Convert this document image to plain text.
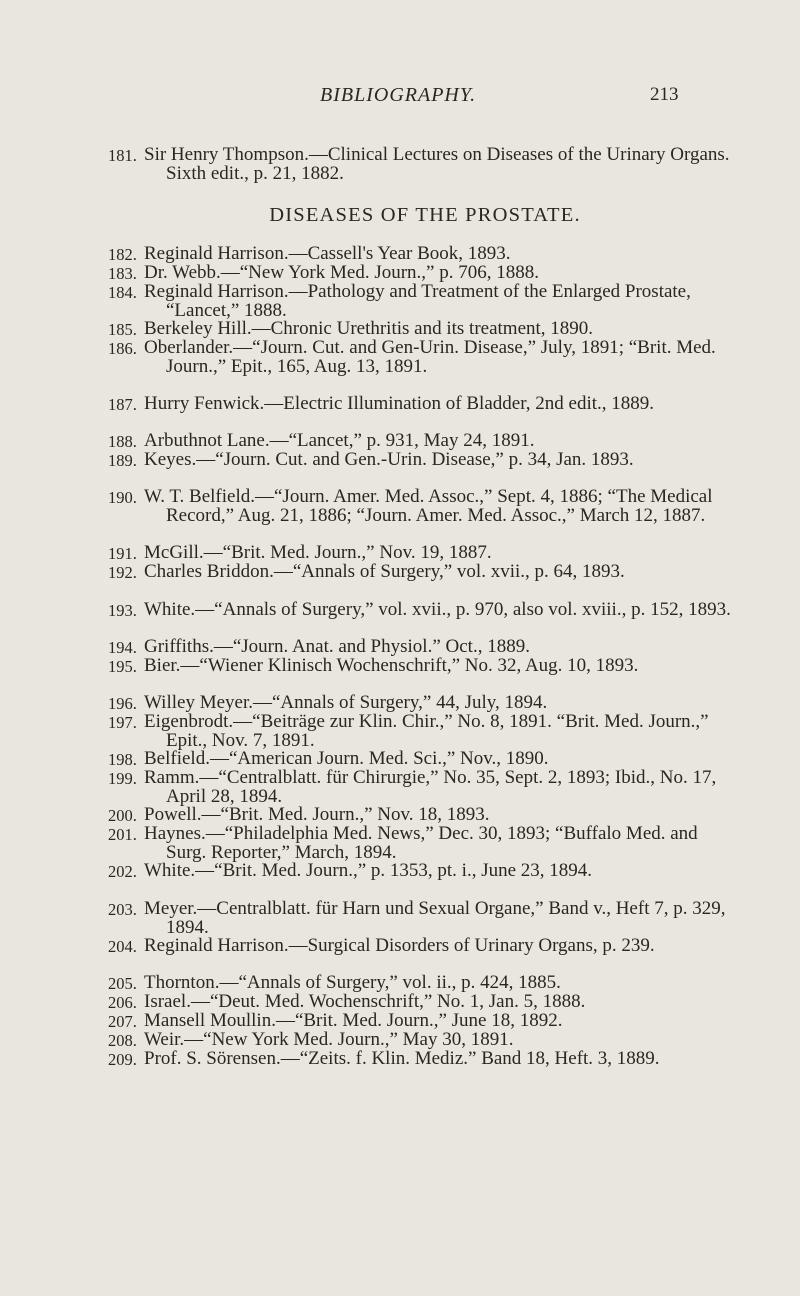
BIBLIOGRAPHY.	213
DISEASES OF THE PROSTATE.
181. Sir Henry Thompson.—Clinical Lectures on Diseases of the Urinary Organs. Sixth edit., p. 21, 1882.
182. Reginald Harrison.—Cassell's Year Book, 1893.
183. Dr. Webb.—“New York Med. Journ.,” p. 706, 1888.
184. Reginald Harrison.—Pathology and Treatment of the Enlarged Prostate, “Lancet,” 1888.
185. Berkeley Hill.—Chronic Urethritis and its treatment, 1890.
186. Oberlander.—“Journ. Cut. and Gen-Urin. Disease,” July, 1891; “Brit. Med. Journ.,” Epit., 165, Aug. 13, 1891.
187. Hurry Fenwick.—Electric Illumination of Bladder, 2nd edit., 1889.
188. Arbuthnot Lane.—“Lancet,” p. 931, May 24, 1891.
189. Keyes.—“Journ. Cut. and Gen.-Urin. Disease,” p. 34, Jan. 1893.
190. W. T. Belfield.—“Journ. Amer. Med. Assoc.,” Sept. 4, 1886; “The Medical Record,” Aug. 21, 1886; “Journ. Amer. Med. Assoc.,” March 12, 1887.
191. McGill.—“Brit. Med. Journ.,” Nov. 19, 1887.
192. Charles Briddon.—“Annals of Surgery,” vol. xvii., p. 64, 1893.
193. White.—“Annals of Surgery,” vol. xvii., p. 970, also vol. xviii., p. 152, 1893.
194. Griffiths.—“Journ. Anat. and Physiol.” Oct., 1889.
195. Bier.—“Wiener Klinisch Wochenschrift,” No. 32, Aug. 10, 1893.
196. Willey Meyer.—“Annals of Surgery,” 44, July, 1894.
197. Eigenbrodt.—“Beiträge zur Klin. Chir.,” No. 8, 1891. “Brit. Med. Journ.,” Epit., Nov. 7, 1891.
198. Belfield.—“American Journ. Med. Sci.,” Nov., 1890.
199. Ramm.—“Centralblatt. für Chirurgie,” No. 35, Sept. 2, 1893; Ibid., No. 17, April 28, 1894.
200. Powell.—“Brit. Med. Journ.,” Nov. 18, 1893.
201. Haynes.—“Philadelphia Med. News,” Dec. 30, 1893; “Buffalo Med. and Surg. Reporter,” March, 1894.
202. White.—“Brit. Med. Journ.,” p. 1353, pt. i., June 23, 1894.
203. Meyer.—Centralblatt. für Harn und Sexual Organe,” Band v., Heft 7, p. 329, 1894.
204. Reginald Harrison.—Surgical Disorders of Urinary Organs, p. 239.
205. Thornton.—“Annals of Surgery,” vol. ii., p. 424, 1885.
206. Israel.—“Deut. Med. Wochenschrift,” No. 1, Jan. 5, 1888.
207. Mansell Moullin.—“Brit. Med. Journ.,” June 18, 1892.
208. Weir.—“New York Med. Journ.,” May 30, 1891.
209. Prof. S. Sörensen.—“Zeits. f. Klin. Mediz.” Band 18, Heft. 3, 1889.
